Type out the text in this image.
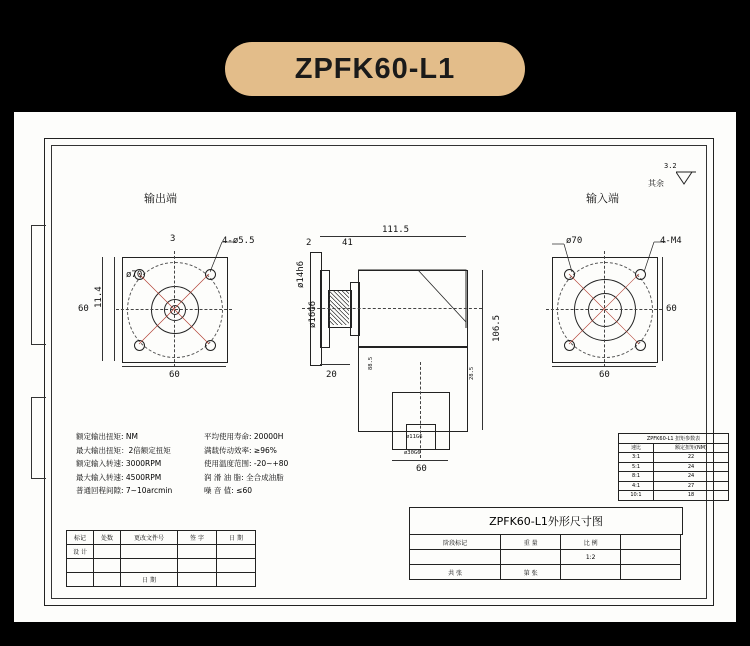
ZPFK60-L1
输出端	输入端
其余
3.2
3	4-ø5.5
ø70
60
11.4
60
111.5
41
2
ø14h6
ø16G6
20
88.5
28.5
106.5
ø11G6
ø30G6
60
4-M4
ø70
60
60
额定输出扭矩: NM
最大输出扭矩：2倍额定扭矩
额定输入转速: 3000RPM
最大输入转速: 4500RPM
普通回程间隙: 7~10arcmin
平均使用寿命: 20000H
满载传动效率: ≥96%
使用温度范围: -20~+80
润 滑 油 脂: 全合成油脂
噪 音 值: ≤60
ZPFK60-L1 扭矩参数表	
速比	额定扭矩(NM)
3:1	22
5:1	24
8:1	24
4:1	27
10:1	18
ZPFK60-L1外形尺寸图
阶段标记	重 量	比 例	
		1:2	
共 张	第 张		
标记	处数	更改文件号	签 字	日 期
设 计				

		日 期		
